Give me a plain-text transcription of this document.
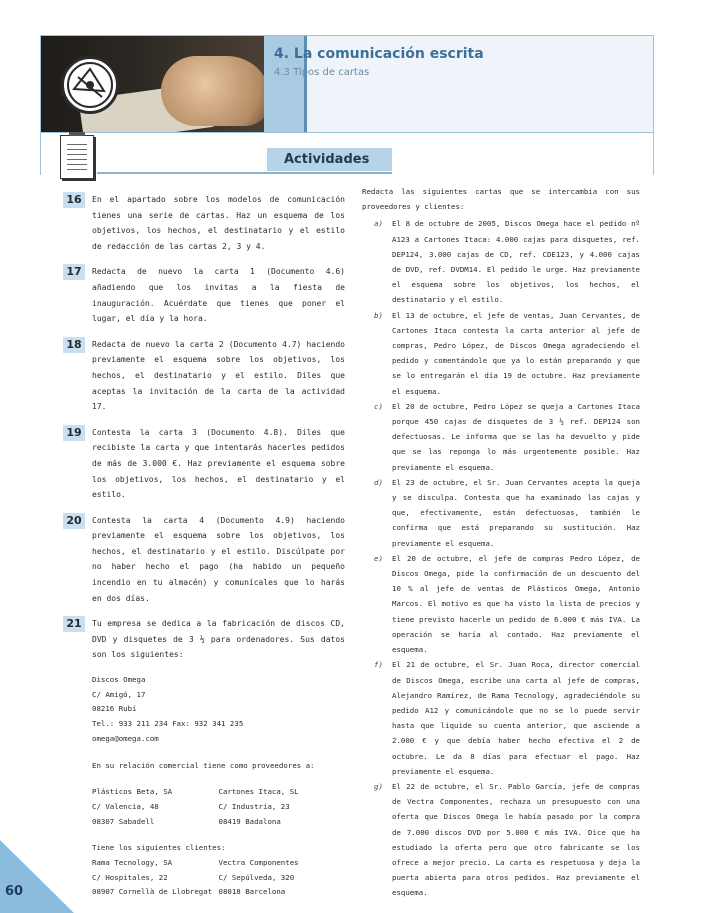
4. La comunicación escrita
4.3 Tipos de cartas
Actividades
16	En el apartado sobre los modelos de comunicación tienes una serie de cartas. Haz un esquema de los objetivos, los hechos, el destinatario y el estilo de redacción de las cartas 2, 3 y 4.
17	Redacta de nuevo la carta 1 (Documento 4.6) añadiendo que los invitas a la fiesta de inauguración. Acuérdate que tienes que poner el lugar, el día y la hora.
18	Redacta de nuevo la carta 2 (Documento 4.7) haciendo previamente el esquema sobre los objetivos, los hechos, el destinatario y el estilo. Diles que aceptas la invitación de la carta de la actividad 17.
19	Contesta la carta 3 (Documento 4.8). Diles que recibiste la carta y que intentarás hacerles pedidos de más de 3.000 €. Haz previamente el esquema sobre los objetivos, los hechos, el destinatario y el estilo.
20	Contesta la carta 4 (Documento 4.9) haciendo previamente el esquema sobre los objetivos, los hechos, el destinatario y el estilo. Discúlpate por no haber hecho el pago (ha habido un pequeño incendio en tu almacén) y comunícales que lo harás en dos días.
21	Tu empresa se dedica a la fabricación de discos CD, DVD y disquetes de 3 ½ para ordenadores. Sus datos son los siguientes:
Discos Omega
C/ Amigó, 17
08216 Rubí
Tel.: 933 211 234 Fax: 932 341 235
omega@omega.com
En su relación comercial tiene como proveedores a:
Plásticos Beta, SA
C/ Valencia, 48
08307 Sabadell
Cartones Itaca, SL
C/ Industria, 23
08419 Badalona
Tiene los siguientes clientes:
Rama Tecnology, SA
C/ Hospitales, 22
08907 Cornellà de Llobregat
Vectra Componentes
C/ Sepúlveda, 320
08018 Barcelona
Redacta las siguientes cartas que se intercambia con sus proveedores y clientes:
a) El 8 de octubre de 2005, Discos Omega hace el pedido nº A123 a Cartones Itaca: 4.000 cajas para disquetes, ref. DEP124, 3.000 cajas de CD, ref. CDE123, y 4.000 cajas de DVD, ref. DVDM14. El pedido le urge. Haz previamente el esquema sobre los objetivos, los hechos, el destinatario y el estilo.
b) El 13 de octubre, el jefe de ventas, Juan Cervantes, de Cartones Itaca contesta la carta anterior al jefe de compras, Pedro López, de Discos Omega agradeciendo el pedido y comentándole que ya lo están preparando y que se lo entregarán el día 19 de octubre. Haz previamente el esquema.
c) El 20 de octubre, Pedro López se queja a Cartones Itaca porque 450 cajas de disquetes de 3 ½ ref. DEP124 son defectuosas. Le informa que se las ha devuelto y pide que se las reponga lo más urgentemente posible. Haz previamente el esquema.
d) El 23 de octubre, el Sr. Juan Cervantes acepta la queja y se disculpa. Contesta que ha examinado las cajas y que, efectivamente, están defectuosas, también le confirma que está preparando su sustitución. Haz previamente el esquema.
e) El 20 de octubre, el jefe de compras Pedro López, de Discos Omega, pide la confirmación de un descuento del 10 % al jefe de ventas de Plásticos Omega, Antonio Marcos. El motivo es que ha visto la lista de precios y tiene previsto hacerle un pedido de 6.000 € más IVA. La operación se haría al contado. Haz previamente el esquema.
f) El 21 de octubre, el Sr. Juan Roca, director comercial de Discos Omega, escribe una carta al jefe de compras, Alejandro Ramírez, de Rama Tecnology, agradeciéndole su pedido A12 y comunicándole que no se lo puede servir hasta que liquide su cuenta anterior, que asciende a 2.000 € y que debía haber hecho efectiva el 2 de octubre. Le da 8 días para efectuar el pago. Haz previamente el esquema.
g) El 22 de octubre, el Sr. Pablo García, jefe de compras de Vectra Componentes, rechaza un presupuesto con una oferta que Discos Omega le había pasado por la compra de 7.000 discos DVD por 5.000 € más IVA. Dice que ha estudiado la oferta pero que otro fabricante se los ofrece a mejor precio. La carta es respetuosa y deja la puerta abierta para otros pedidos. Haz previamente el esquema.
60
